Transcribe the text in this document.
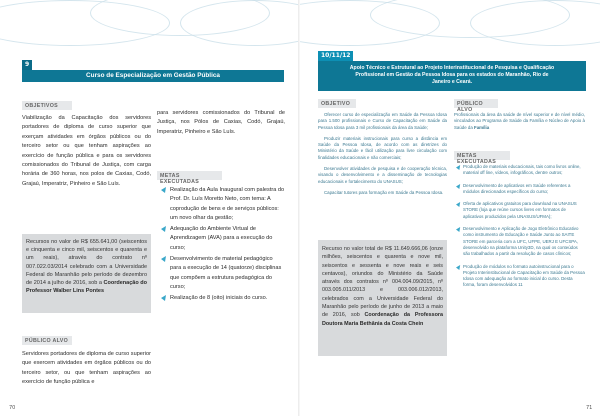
9
Curso de Especialização em Gestão Pública
OBJETIVOS
Viabilização da Capacitação dos servidores portadores de diploma de curso superior que exerçam atividades em órgãos públicos ou do terceiro setor ou que tenham aspirações ao exercício de função pública e para os servidores comissionados do Tribunal de Justiça, com carga horária de 360 horas, nos polos de Caxias, Codó, Grajaú, Imperatriz, Pinheiro e São Luís.
Recursos no valor de R$ 655.641,00 (seiscentos e cinquenta e cinco mil, seiscentos e quarenta e um reais), através do contrato nº 007.022.03/2014 celebrado com a Universidade Federal do Maranhão pelo período de dezembro de 2014 a julho de 2016, sob a Coordenação do Professor Walber Lins Pontes
PÚBLICO ALVO
Servidores portadores de diploma de curso superior que exercem atividades em órgãos públicos ou do terceiro setor, ou que tenham aspirações ao exercício de função pública e
para servidores comissionados do Tribunal de Justiça, nos Pólos de Caxias, Codó, Grajaú, Imperatriz, Pinheiro e São Luís.
METAS EXECUTADAS
Realização da Aula Inaugural com palestra do Prof. Dr. Luís Moretto Neto, com tema: A coprodução de bens e de serviços públicos: um novo olhar da gestão;
Adequação do Ambiente Virtual de Aprendizagem (AVA) para a execução do curso;
Desenvolvimento de material pedagógico para a execução de 14 (quatorze) disciplinas que compõem a estrutura pedagógica do curso;
Realização de 8 (oito) iniciais do curso.
70
10/11/12
Apoio Técnico e Estrutural ao Projeto Interinstitucional de Pesquisa e Qualificação Profissional em Gestão da Pessoa Idosa para os estados do Maranhão, Rio de Janeiro e Ceará.
OBJETIVO

Oferecer curso de especialização em Saúde da Pessoa Idosa para 1.500 profissionais e Curso de Capacitação em Saúde da Pessoa Idosa para 3 mil profissionais da área da Saúde;

Produzir materiais instrucionais para curso a distância em Saúde da Pessoa Idosa, de acordo com as diretrizes do Ministério da Saúde e fácil utilização para livre circulação com finalidades educacionais e não comerciais;

Desenvolver atividades de pesquisa e de cooperação técnica, visando o desenvolvimento e a disseminação de tecnologias educacionais e fortalecimento do UNASUS;

Capacitar tutores para formação em Saúde da Pessoa Idosa.

Recurso no valor total de R$ 11.649.666,06 (onze milhões, seiscentos e quarenta e nove mil, seiscentos e sessenta e nove reais e seis centavos), oriundos do Ministério da Saúde através dos contratos nº 004.004.09/2015, nº 003.005.011/2013 e 003.006.012/2013, celebrados com a Universidade Federal do Maranhão pelo período de junho de 2013 a maio de 2016, sob Coordenação da Professora Doutora Maria Bethânia da Costa Chein
PÚBLICO ALVO
Profissionais da área da saúde de nível superior e de nível médio, vinculados ao Programa de Saúde da Família e Núcleo de Apoio à Saúde da Família
METAS EXECUTADAS
Produção de materiais educacionais, tais como livros online, material off line, vídeos, infográficos, dentre outros;
Desenvolvimento de aplicativos em Saúde referentes a módulos direcionados específicos do curso;
Oferta de aplicativos gratuitos para download na UNASUS STORE (loja que reúne cursos livres em formatos de aplicativos produzidos pela UNASUS/UFMA);
Desenvolvimento e Aplicação de Jogo Eletrônico Educativo como instrumento de Educação e Saúde Junto ao SAITE STORE em parceria com a UFC, UFPE, UERJ E UFCSPA, desenvolvido na plataforma Unity3D, na qual os conteúdos são trabalhados a partir da resolução de casos clínicos;
Produção de módulos no formato autoinstrucional para o Projeto Interinstitucional de Capacitação em Saúde da Pessoa Idosa com adequação ao formato inicial do curso. Desta forma, foram desenvolvidos 11
71
